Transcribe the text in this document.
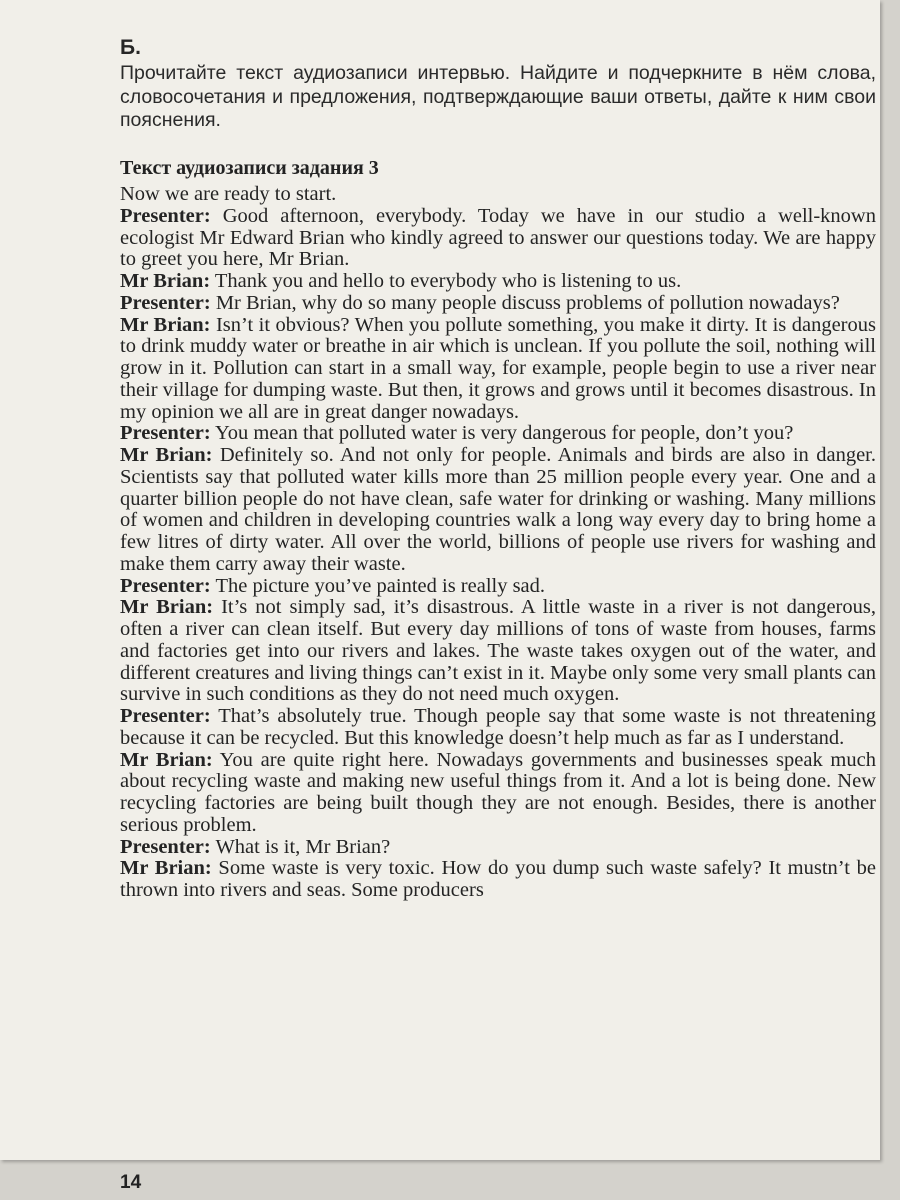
Б.
Прочитайте текст аудиозаписи интервью. Найдите и подчеркните в нём слова, словосочетания и предложения, подтверждающие ваши ответы, дайте к ним свои пояснения.
Текст аудиозаписи задания 3

Now we are ready to start.

Presenter: Good afternoon, everybody. Today we have in our studio a well-known ecologist Mr Edward Brian who kindly agreed to answer our questions today. We are happy to greet you here, Mr Brian.

Mr Brian: Thank you and hello to everybody who is listening to us.

Presenter: Mr Brian, why do so many people discuss problems of pollution nowadays?

Mr Brian: Isn’t it obvious? When you pollute something, you make it dirty. It is dangerous to drink muddy water or breathe in air which is unclean. If you pollute the soil, nothing will grow in it. Pollution can start in a small way, for example, people begin to use a river near their village for dumping waste. But then, it grows and grows until it becomes disastrous. In my opinion we all are in great danger nowadays.

Presenter: You mean that polluted water is very dangerous for people, don’t you?

Mr Brian: Definitely so. And not only for people. Animals and birds are also in danger. Scientists say that polluted water kills more than 25 million people every year. One and a quarter billion people do not have clean, safe water for drinking or washing. Many millions of women and children in developing countries walk a long way every day to bring home a few litres of dirty water. All over the world, billions of people use rivers for washing and make them carry away their waste.

Presenter: The picture you’ve painted is really sad.

Mr Brian: It’s not simply sad, it’s disastrous. A little waste in a river is not dangerous, often a river can clean itself. But every day millions of tons of waste from houses, farms and factories get into our rivers and lakes. The waste takes oxygen out of the water, and different creatures and living things can’t exist in it. Maybe only some very small plants can survive in such conditions as they do not need much oxygen.

Presenter: That’s absolutely true. Though people say that some waste is not threatening because it can be recycled. But this knowledge doesn’t help much as far as I understand.

Mr Brian: You are quite right here. Nowadays governments and businesses speak much about recycling waste and making new useful things from it. And a lot is being done. New recycling factories are being built though they are not enough. Besides, there is another serious problem.

Presenter: What is it, Mr Brian?

Mr Brian: Some waste is very toxic. How do you dump such waste safely? It mustn’t be thrown into rivers and seas. Some producers

14
